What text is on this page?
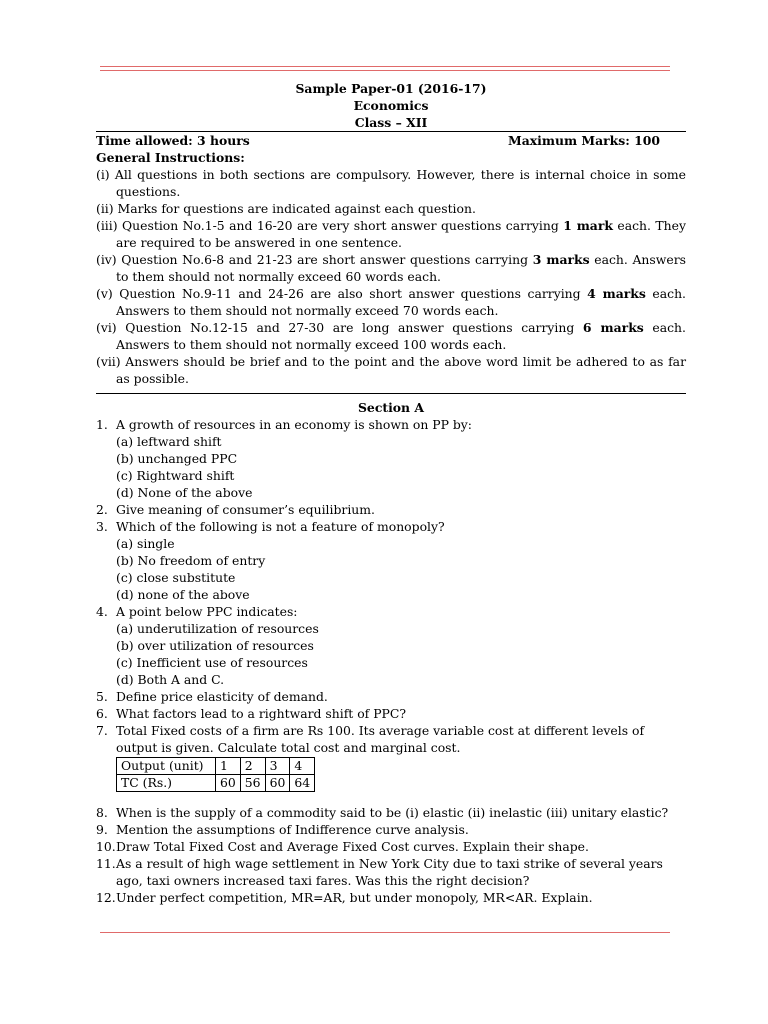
Sample Paper-01 (2016-17)
Economics
Class – XII
Time allowed: 3 hours	Maximum Marks: 100
General Instructions:
(i) All questions in both sections are compulsory. However, there is internal choice in some questions.
(ii) Marks for questions are indicated against each question.
(iii) Question No.1-5 and 16-20 are very short answer questions carrying 1 mark each. They are required to be answered in one sentence.
(iv) Question No.6-8 and 21-23 are short answer questions carrying 3 marks each. Answers to them should not normally exceed 60 words each.
(v) Question No.9-11 and 24-26 are also short answer questions carrying 4 marks each. Answers to them should not normally exceed 70 words each.
(vi) Question No.12-15 and 27-30 are long answer questions carrying 6 marks each. Answers to them should not normally exceed 100 words each.
(vii) Answers should be brief and to the point and the above word limit be adhered to as far as possible.
Section A
1. A growth of resources in an economy is shown on PP by:
(a) leftward shift
(b) unchanged PPC
(c) Rightward shift
(d) None of the above
2. Give meaning of consumer’s equilibrium.
3. Which of the following is not a feature of monopoly?
(a) single
(b) No freedom of entry
(c) close substitute
(d) none of the above
4. A point below PPC indicates:
(a) underutilization of resources
(b) over utilization of resources
(c) Inefficient use of resources
(d) Both A and C.
5. Define price elasticity of demand.
6. What factors lead to a rightward shift of PPC?
7. Total Fixed costs of a firm are Rs 100. Its average variable cost at different levels of output is given. Calculate total cost and marginal cost.
Output (unit)	1	2	3	4
TC (Rs.)	60	56	60	64
8. When is the supply of a commodity said to be (i) elastic (ii) inelastic (iii) unitary elastic?
9. Mention the assumptions of Indifference curve analysis.
10. Draw Total Fixed Cost and Average Fixed Cost curves. Explain their shape.
11. As a result of high wage settlement in New York City due to taxi strike of several years ago, taxi owners increased taxi fares. Was this the right decision?
12. Under perfect competition, MR=AR, but under monopoly, MR<AR. Explain.
